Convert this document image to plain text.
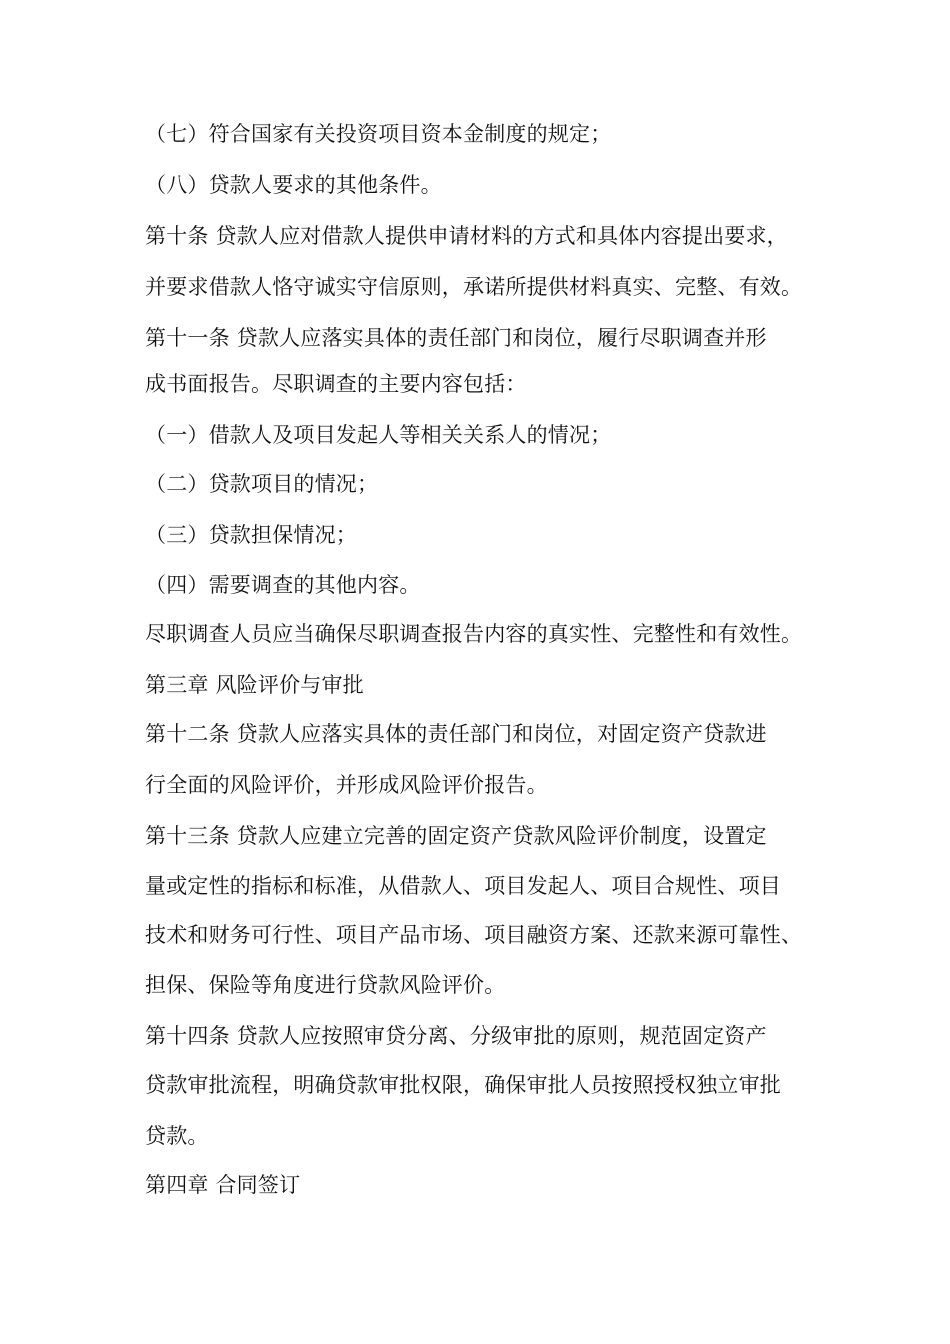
（七）符合国家有关投资项目资本金制度的规定；
（八）贷款人要求的其他条件。
第十条 贷款人应对借款人提供申请材料的方式和具体内容提出要求，
并要求借款人恪守诚实守信原则，承诺所提供材料真实、完整、有效。
第十一条 贷款人应落实具体的责任部门和岗位，履行尽职调查并形
成书面报告。尽职调查的主要内容包括：
（一）借款人及项目发起人等相关关系人的情况；
（二）贷款项目的情况；
（三）贷款担保情况；
（四）需要调查的其他内容。
尽职调查人员应当确保尽职调查报告内容的真实性、完整性和有效性。
第三章 风险评价与审批
第十二条 贷款人应落实具体的责任部门和岗位，对固定资产贷款进
行全面的风险评价，并形成风险评价报告。
第十三条 贷款人应建立完善的固定资产贷款风险评价制度，设置定
量或定性的指标和标准，从借款人、项目发起人、项目合规性、项目
技术和财务可行性、项目产品市场、项目融资方案、还款来源可靠性、
担保、保险等角度进行贷款风险评价。
第十四条 贷款人应按照审贷分离、分级审批的原则，规范固定资产
贷款审批流程，明确贷款审批权限，确保审批人员按照授权独立审批
贷款。
第四章 合同签订
